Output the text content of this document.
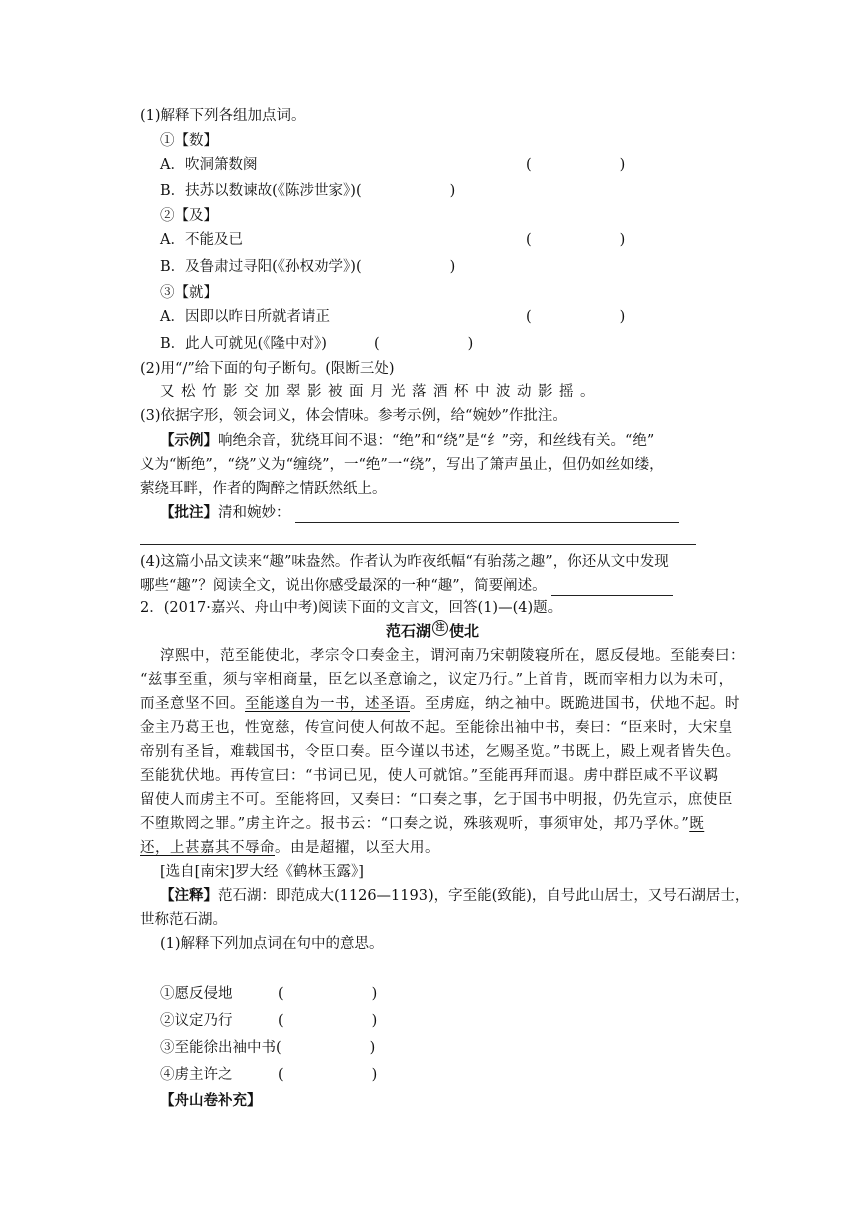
(1)解释下列各组加点词。
①【数】
A．吹洞箫数阕	(	)
B．扶苏以数谏故(《陈涉世家》)(	)
②【及】
A．不能及已	(	)
B．及鲁肃过寻阳(《孙权劝学》)(	)
③【就】
A．因即以昨日所就者请正	(	)
B．此人可就见(《隆中对》)	(	)
(2)用“/”给下面的句子断句。(限断三处)
又松竹影交加翠影被面月光落酒杯中波动影摇。
(3)依据字形，领会词义，体会情味。参考示例，给“婉妙”作批注。
【示例】响绝余音，犹绕耳间不退：“绝”和“绕”是“纟”旁，和丝线有关。“绝”
义为“断绝”，“绕”义为“缠绕”，一“绝”一“绕”，写出了箫声虽止，但仍如丝如缕，
萦绕耳畔，作者的陶醉之情跃然纸上。
【批注】清和婉妙：
(4)这篇小品文读来“趣”味盎然。作者认为昨夜纸幅“有骀荡之趣”，你还从文中发现
哪些“趣”？阅读全文，说出你感受最深的一种“趣”，简要阐述。
2．(2017·嘉兴、舟山中考)阅读下面的文言文，回答(1)—(4)题。
范石湖 注 使北
淳熙中，范至能使北，孝宗令口奏金主，谓河南乃宋朝陵寝所在，愿反侵地。至能奏曰：
“兹事至重，须与宰相商量，臣乞以圣意谕之，议定乃行。”上首肯，既而宰相力以为未可，
而圣意坚不回。至能遂自为一书，述圣语。至虏庭，纳之袖中。既跪进国书，伏地不起。时
金主乃葛王也，性宽慈，传宣问使人何故不起。至能徐出袖中书，奏曰：“臣来时，大宋皇
帝别有圣旨，难载国书，令臣口奏。臣今谨以书述，乞赐圣览。”书既上，殿上观者皆失色。
至能犹伏地。再传宣曰：“书词已见，使人可就馆。”至能再拜而退。虏中群臣咸不平议羁
留使人而虏主不可。至能将回，又奏曰：“口奏之事，乞于国书中明报，仍先宣示，庶使臣
不堕欺罔之罪。”虏主许之。报书云：“口奏之说，殊骇观听，事须审处，邦乃孚休。”既
还，上甚嘉其不辱命。由是超擢，以至大用。
[选自[南宋]罗大经《鹤林玉露》]
【注释】范石湖：即范成大(1126—1193)，字至能(致能)，自号此山居士，又号石湖居士，
世称范石湖。
(1)解释下列加点词在句中的意思。
①愿反侵地	(	)
②议定乃行	(	)
③至能徐出袖中书(	)
④虏主许之	(	)
【舟山卷补充】
